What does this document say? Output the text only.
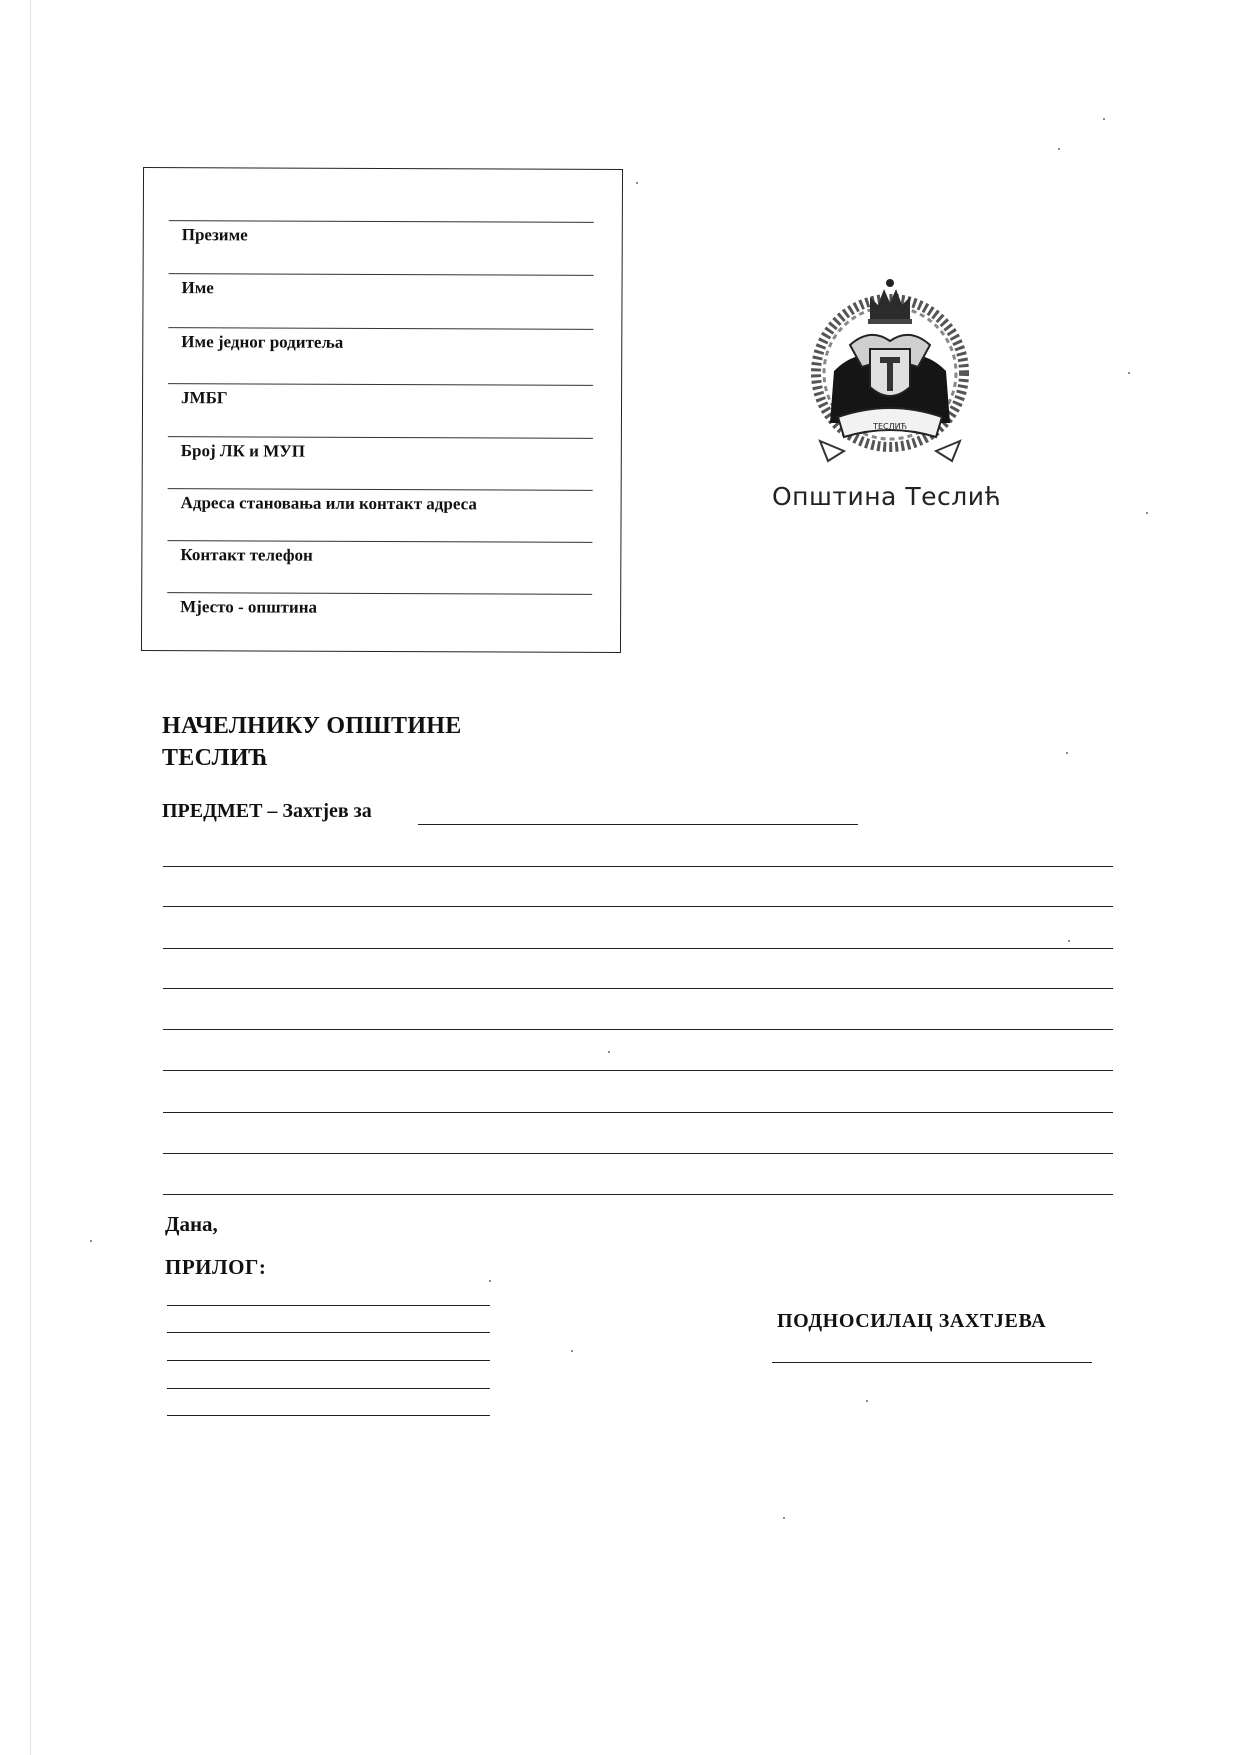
Презиме
Име
Име једног родитеља
ЈМБГ
Број ЛК и МУП
Адреса становања или контакт адреса
Контакт телефон
Мјесто - општина
ТЕСЛИЋ
Општина Теслић
НАЧЕЛНИКУ ОПШТИНЕ
ТЕСЛИЋ
ПРЕДМЕТ – Захтјев за
Дана,
ПРИЛОГ:
ПОДНОСИЛАЦ ЗАХТЈЕВА
